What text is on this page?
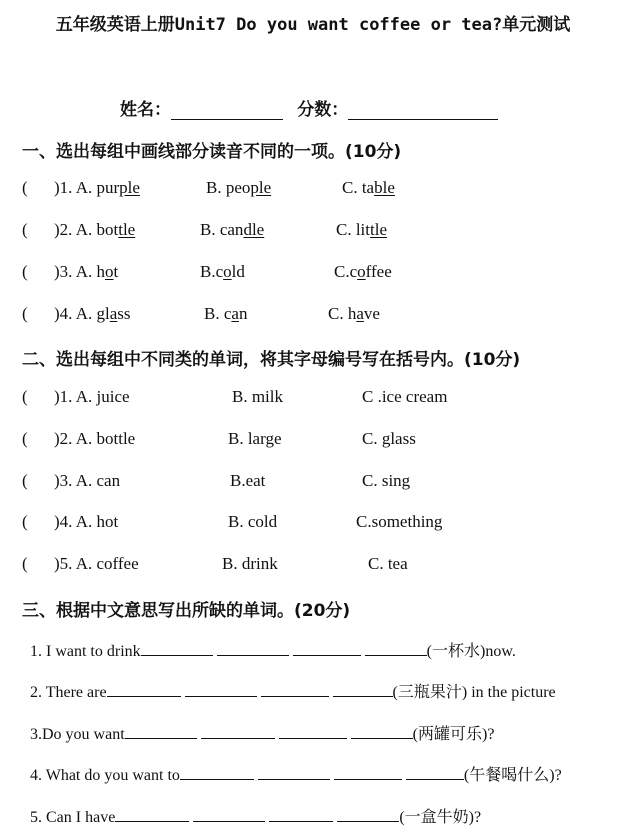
五年级英语上册Unit7 Do you want coffee or tea?单元测试
姓名：	分数：
一、选出每组中画线部分读音不同的一项。(10分)
( )1. A. purple	B. people	C. table
( )2. A. bottle	B. candle	C. little
( )3. A. hot	B.cold	C.coffee
( )4. A. glass	B. can	C. have
二、选出每组中不同类的单词，将其字母编号写在括号内。(10分)
( )1. A. juice	B. milk	C .ice cream
( )2. A. bottle	B. large	C. glass
( )3. A. can	B.eat	C. sing
( )4. A. hot	B. cold	C.something
( )5. A. coffee	B. drink	C. tea
三、根据中文意思写出所缺的单词。(20分)
1. I want to drink	(一杯水)now.
2. There are	(三瓶果汁) in the picture
3.Do you want	(两罐可乐)?
4. What do you want to	(午餐喝什么)?
5. Can I have	(一盒牛奶)?
